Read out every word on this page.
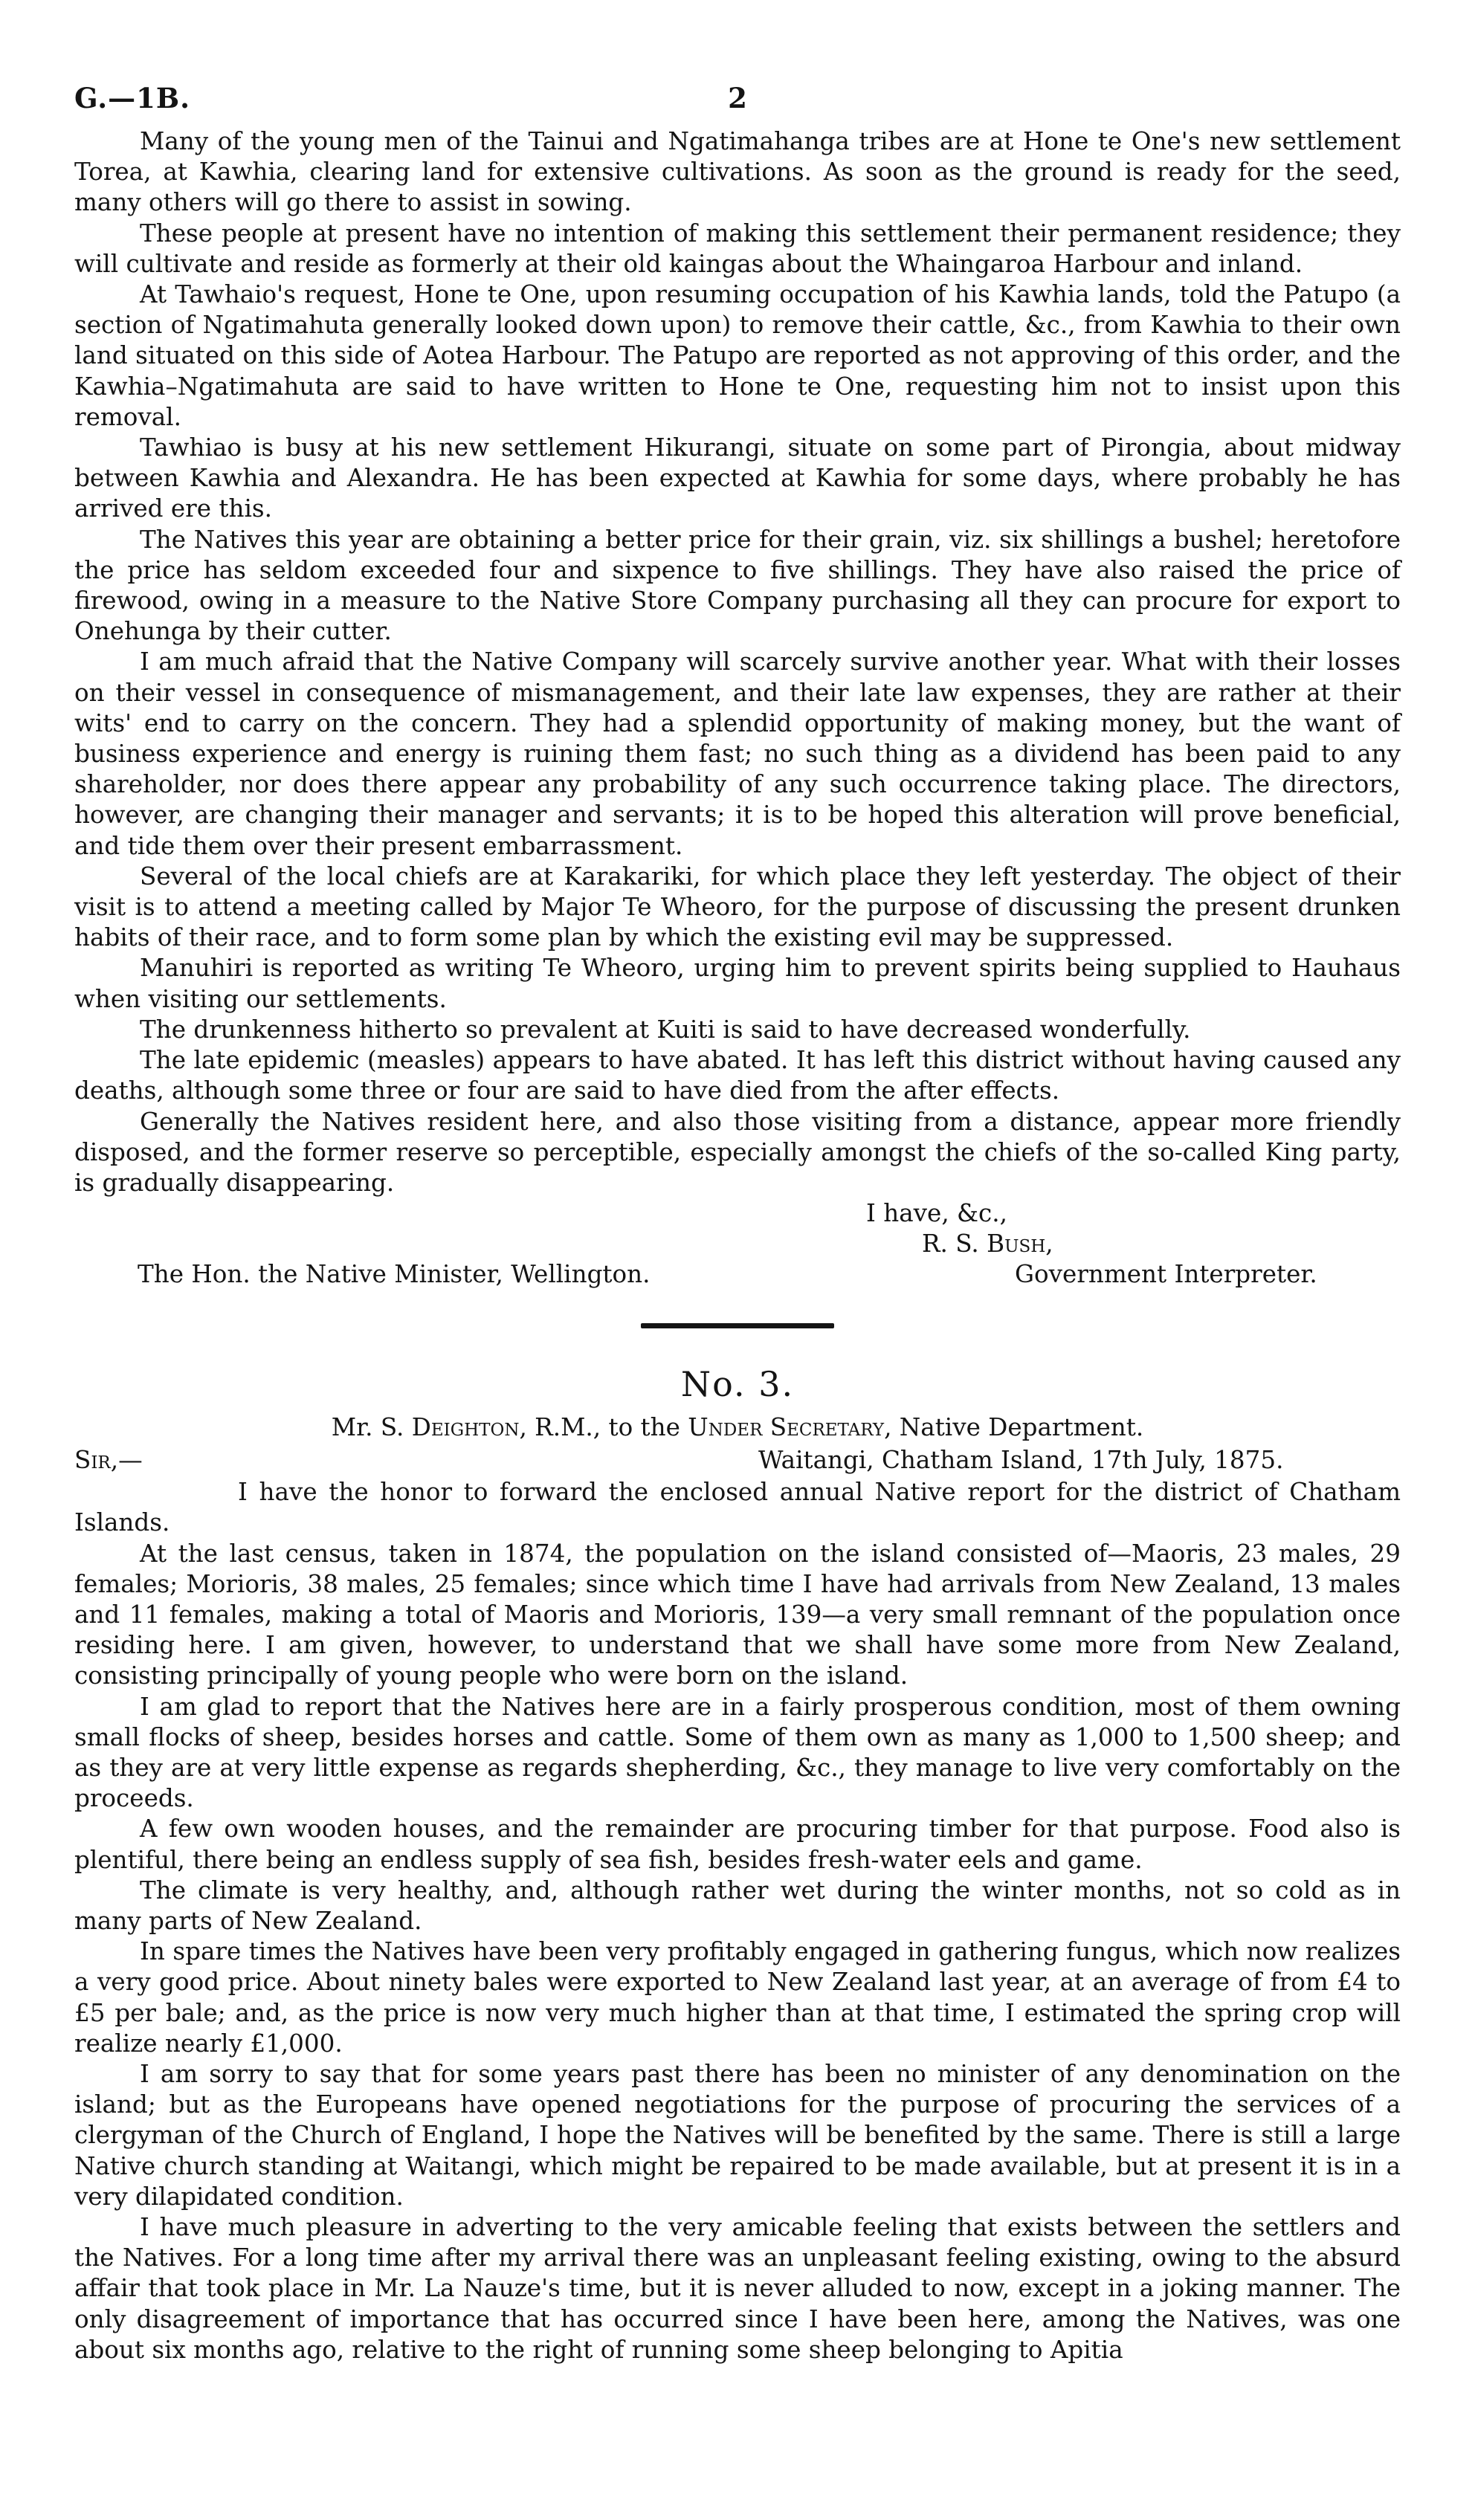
G.—1B.	2

Many of the young men of the Tainui and Ngatimahanga tribes are at Hone te One's new settlement Torea, at Kawhia, clearing land for extensive cultivations. As soon as the ground is ready for the seed, many others will go there to assist in sowing.

These people at present have no intention of making this settlement their permanent residence; they will cultivate and reside as formerly at their old kaingas about the Whaingaroa Harbour and inland.

At Tawhaio's request, Hone te One, upon resuming occupation of his Kawhia lands, told the Patupo (a section of Ngatimahuta generally looked down upon) to remove their cattle, &c., from Kawhia to their own land situated on this side of Aotea Harbour. The Patupo are reported as not approving of this order, and the Kawhia–Ngatimahuta are said to have written to Hone te One, requesting him not to insist upon this removal.

Tawhiao is busy at his new settlement Hikurangi, situate on some part of Pirongia, about midway between Kawhia and Alexandra. He has been expected at Kawhia for some days, where probably he has arrived ere this.

The Natives this year are obtaining a better price for their grain, viz. six shillings a bushel; heretofore the price has seldom exceeded four and sixpence to five shillings. They have also raised the price of firewood, owing in a measure to the Native Store Company purchasing all they can procure for export to Onehunga by their cutter.

I am much afraid that the Native Company will scarcely survive another year. What with their losses on their vessel in consequence of mismanagement, and their late law expenses, they are rather at their wits' end to carry on the concern. They had a splendid opportunity of making money, but the want of business experience and energy is ruining them fast; no such thing as a dividend has been paid to any shareholder, nor does there appear any probability of any such occurrence taking place. The directors, however, are changing their manager and servants; it is to be hoped this alteration will prove beneficial, and tide them over their present embarrassment.

Several of the local chiefs are at Karakariki, for which place they left yesterday. The object of their visit is to attend a meeting called by Major Te Wheoro, for the purpose of discussing the present drunken habits of their race, and to form some plan by which the existing evil may be suppressed.

Manuhiri is reported as writing Te Wheoro, urging him to prevent spirits being supplied to Hauhaus when visiting our settlements.

The drunkenness hitherto so prevalent at Kuiti is said to have decreased wonderfully.

The late epidemic (measles) appears to have abated. It has left this district without having caused any deaths, although some three or four are said to have died from the after effects.

Generally the Natives resident here, and also those visiting from a distance, appear more friendly disposed, and the former reserve so perceptible, especially amongst the chiefs of the so-called King party, is gradually disappearing.

I have, &c.,
R. S. Bush,
The Hon. the Native Minister, Wellington.	Government Interpreter.
No. 3.
Mr. S. Deighton, R.M., to the Under Secretary, Native Department.
Sir,—	Waitangi, Chatham Island, 17th July, 1875.

I have the honor to forward the enclosed annual Native report for the district of Chatham Islands.

At the last census, taken in 1874, the population on the island consisted of—Maoris, 23 males, 29 females; Morioris, 38 males, 25 females; since which time I have had arrivals from New Zealand, 13 males and 11 females, making a total of Maoris and Morioris, 139—a very small remnant of the population once residing here. I am given, however, to understand that we shall have some more from New Zealand, consisting principally of young people who were born on the island.

I am glad to report that the Natives here are in a fairly prosperous condition, most of them owning small flocks of sheep, besides horses and cattle. Some of them own as many as 1,000 to 1,500 sheep; and as they are at very little expense as regards shepherding, &c., they manage to live very comfortably on the proceeds.

A few own wooden houses, and the remainder are procuring timber for that purpose. Food also is plentiful, there being an endless supply of sea fish, besides fresh-water eels and game.

The climate is very healthy, and, although rather wet during the winter months, not so cold as in many parts of New Zealand.

In spare times the Natives have been very profitably engaged in gathering fungus, which now realizes a very good price. About ninety bales were exported to New Zealand last year, at an average of from £4 to £5 per bale; and, as the price is now very much higher than at that time, I estimated the spring crop will realize nearly £1,000.

I am sorry to say that for some years past there has been no minister of any denomination on the island; but as the Europeans have opened negotiations for the purpose of procuring the services of a clergyman of the Church of England, I hope the Natives will be benefited by the same. There is still a large Native church standing at Waitangi, which might be repaired to be made available, but at present it is in a very dilapidated condition.

I have much pleasure in adverting to the very amicable feeling that exists between the settlers and the Natives. For a long time after my arrival there was an unpleasant feeling existing, owing to the absurd affair that took place in Mr. La Nauze's time, but it is never alluded to now, except in a joking manner. The only disagreement of importance that has occurred since I have been here, among the Natives, was one about six months ago, relative to the right of running some sheep belonging to Apitia
